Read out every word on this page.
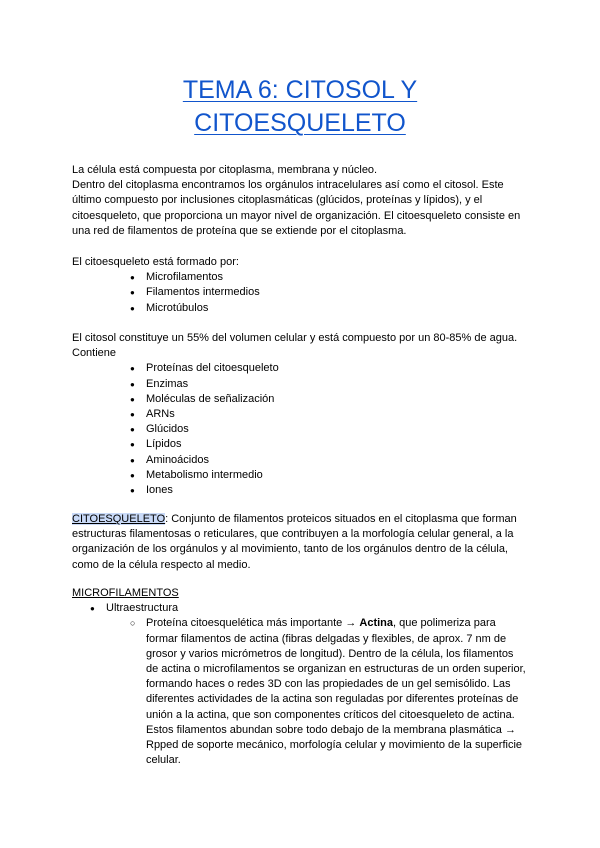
TEMA 6: CITOSOL Y
CITOESQUELETO

La célula está compuesta por citoplasma, membrana y núcleo.

Dentro del citoplasma encontramos los orgánulos intracelulares así como el citosol. Este último compuesto por inclusiones citoplasmáticas (glúcidos, proteínas y lípidos), y el citoesqueleto, que proporciona un mayor nivel de organización. El citoesqueleto consiste en una red de filamentos de proteína que se extiende por el citoplasma.

El citoesqueleto está formado por:

● Microfilamentos
● Filamentos intermedios
● Microtúbulos

El citosol constituye un 55% del volumen celular y está compuesto por un 80-85% de agua.

Contiene

● Proteínas del citoesqueleto
● Enzimas
● Moléculas de señalización
● ARNs
● Glúcidos
● Lípidos
● Aminoácidos
● Metabolismo intermedio
● Iones

CITOESQUELETO: Conjunto de filamentos proteicos situados en el citoplasma que forman estructuras filamentosas o reticulares, que contribuyen a la morfología celular general, a la organización de los orgánulos y al movimiento, tanto de los orgánulos dentro de la célula, como de la célula respecto al medio.

MICROFILAMENTOS

● Ultraestructura
○ Proteína citoesquelética más importante → Actina, que polimeriza para formar filamentos de actina (fibras delgadas y flexibles, de aprox. 7 nm de grosor y varios micrómetros de longitud). Dentro de la célula, los filamentos de actina o microfilamentos se organizan en estructuras de un orden superior, formando haces o redes 3D con las propiedades de un gel semisólido. Las diferentes actividades de la actina son reguladas por diferentes proteínas de unión a la actina, que son componentes críticos del citoesqueleto de actina. Estos filamentos abundan sobre todo debajo de la membrana plasmática → Rpped de soporte mecánico, morfología celular y movimiento de la superficie celular.
